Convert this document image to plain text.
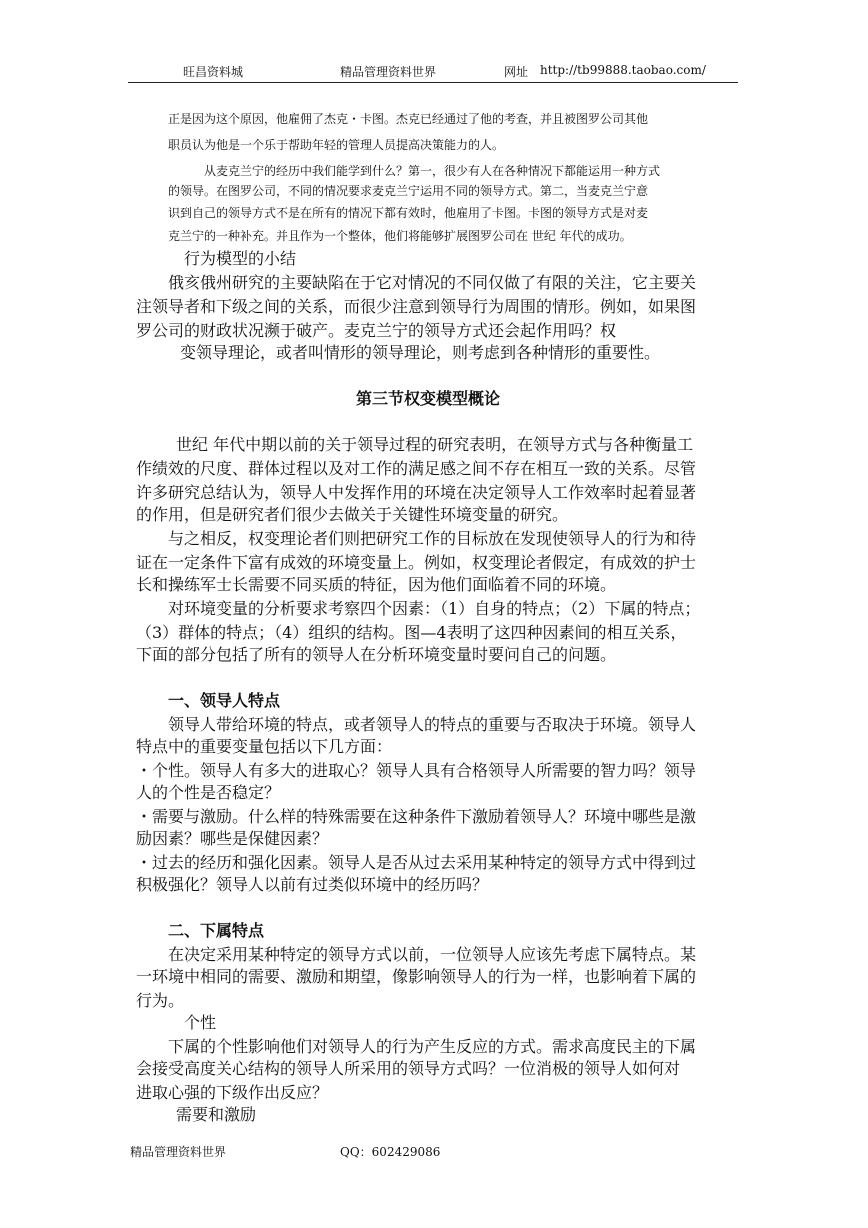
旺昌资料城	精品管理资料世界	网址 http://tb99888.taobao.com/

正是因为这个原因，他雇佣了杰克・卡图。杰克已经通过了他的考查，并且被图罗公司其他

职员认为他是一个乐于帮助年轻的管理人员提高决策能力的人。

从麦克兰宁的经历中我们能学到什么？第一，很少有人在各种情况下都能运用一种方式

的领导。在图罗公司，不同的情况要求麦克兰宁运用不同的领导方式。第二，当麦克兰宁意

识到自己的领导方式不是在所有的情况下都有效时，他雇用了卡图。卡图的领导方式是对麦

克兰宁的一种补充。并且作为一个整体，他们将能够扩展图罗公司在 世纪 年代的成功。

行为模型的小结

俄亥俄州研究的主要缺陷在于它对情况的不同仅做了有限的关注，它主要关

注领导者和下级之间的关系，而很少注意到领导行为周围的情形。例如，如果图

罗公司的财政状况濒于破产。麦克兰宁的领导方式还会起作用吗？权

变领导理论，或者叫情形的领导理论，则考虑到各种情形的重要性。

第三节权变模型概论

世纪 年代中期以前的关于领导过程的研究表明，在领导方式与各种衡量工

作绩效的尺度、群体过程以及对工作的满足感之间不存在相互一致的关系。尽管

许多研究总结认为，领导人中发挥作用的环境在决定领导人工作效率时起着显著

的作用，但是研究者们很少去做关于关键性环境变量的研究。

与之相反，权变理论者们则把研究工作的目标放在发现使领导人的行为和待

证在一定条件下富有成效的环境变量上。例如，权变理论者假定，有成效的护士

长和操练军士长需要不同买质的特征，因为他们面临着不同的环境。

对环境变量的分析要求考察四个因素：（1）自身的特点；（2）下属的特点；

（3）群体的特点；（4）组织的结构。图—4表明了这四种因素间的相互关系，

下面的部分包括了所有的领导人在分析环境变量时要问自己的问题。

一、领导人特点

领导人带给环境的特点，或者领导人的特点的重要与否取决于环境。领导人

特点中的重要变量包括以下几方面：

・个性。领导人有多大的进取心？领导人具有合格领导人所需要的智力吗？领导

人的个性是否稳定？

・需要与激励。什么样的特殊需要在这种条件下激励着领导人？环境中哪些是激

励因素？哪些是保健因素？

・过去的经历和强化因素。领导人是否从过去采用某种特定的领导方式中得到过

积极强化？领导人以前有过类似环境中的经历吗？

二、下属特点

在决定采用某种特定的领导方式以前，一位领导人应该先考虑下属特点。某

一环境中相同的需要、激励和期望，像影响领导人的行为一样，也影响着下属的

行为。

个性

下属的个性影响他们对领导人的行为产生反应的方式。需求高度民主的下属

会接受高度关心结构的领导人所采用的领导方式吗？一位消极的领导人如何对

进取心强的下级作出反应？

需要和激励

精品管理资料世界	QQ：602429086
